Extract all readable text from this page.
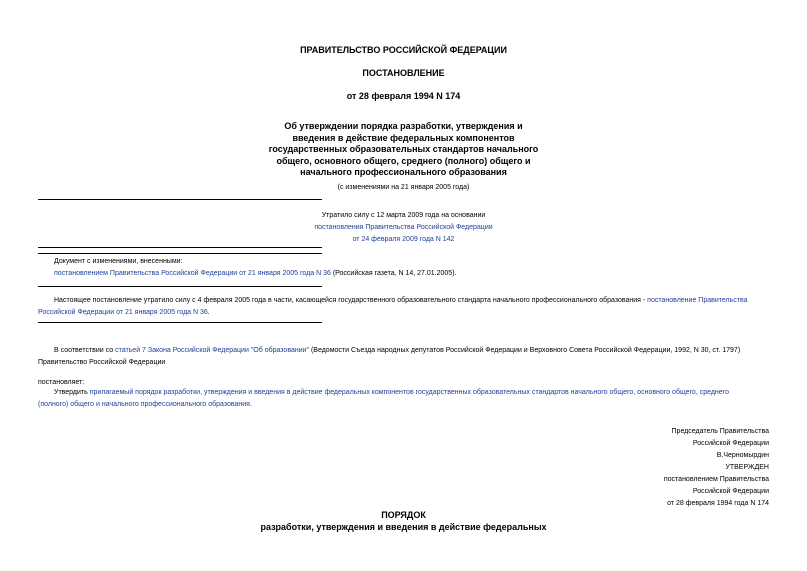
ПРАВИТЕЛЬСТВО РОССИЙСКОЙ ФЕДЕРАЦИИ
ПОСТАНОВЛЕНИЕ
от 28 февраля 1994 N 174
Об утверждении порядка разработки, утверждения и
введения в действие федеральных компонентов
государственных образовательных стандартов начального
общего, основного общего, среднего (полного) общего и
начального профессионального образования
(с изменениями на 21 января 2005 года)
Утратило силу с 12 марта 2009 года на основании
постановления Правительства Российской Федерации
от 24 февраля 2009 года N 142
Документ с изменениями, внесенными:
постановлением Правительства Российской Федерации от 21 января 2005 года N 36 (Российская газета, N 14, 27.01.2005).
Настоящее постановление утратило силу с 4 февраля 2005 года в части, касающейся государственного образовательного стандарта начального профессионального образования - постановление Правительства
Российской Федерации от 21 января 2005 года N 36.
В соответствии со статьей 7 Закона Российской Федерации "Об образовании" (Ведомости Съезда народных депутатов Российской Федерации и Верховного Совета Российской Федерации, 1992, N 30, ст. 1797)
Правительство Российской Федерации
постановляет:
Утвердить прилагаемый порядок разработки, утверждения и введения в действие федеральных компонентов государственных образовательных стандартов начального общего, основного общего, среднего
(полного) общего и начального профессионального образования.
Председатель Правительства
Российской Федерации
В.Черномырдин
УТВЕРЖДЕН
постановлением Правительства
Российской Федерации
от 28 февраля 1994 года N 174
ПОРЯДОК
разработки, утверждения и введения в действие федеральных
